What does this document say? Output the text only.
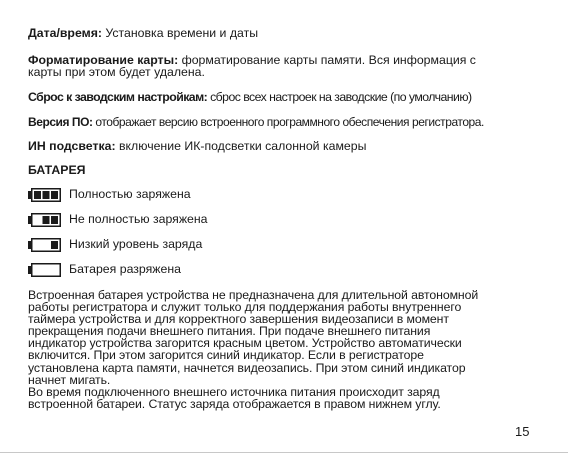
Дата/время: Установка времени и даты

Форматирование карты: форматирование карты памяти. Вся информация с
карты при этом будет удалена.

Сброс к заводским настройкам: сброс всех настроек на заводские (по умолчанию)

Версия ПО: отображает версию встроенного программного обеспечения регистратора.

ИН подсветка: включение ИК-подсветки салонной камеры

БАТАРЕЯ

Полностью заряжена
Не полностью заряжена
Низкий уровень заряда
Батарея разряжена
Встроенная батарея устройства не предназначена для длительной автономной
работы регистратора и служит только для поддержания работы внутреннего
таймера устройства и для корректного завершения видеозаписи в момент
прекращения подачи внешнего питания. При подаче внешнего питания
индикатор устройства загорится красным цветом. Устройство автоматически
включится. При этом загорится синий индикатор. Если в регистраторе
установлена карта памяти, начнется видеозапись. При этом синий индикатор
начнет мигать.
Во время подключенного внешнего источника питания происходит заряд
встроенной батареи. Статус заряда отображается в правом нижнем углу.
15
